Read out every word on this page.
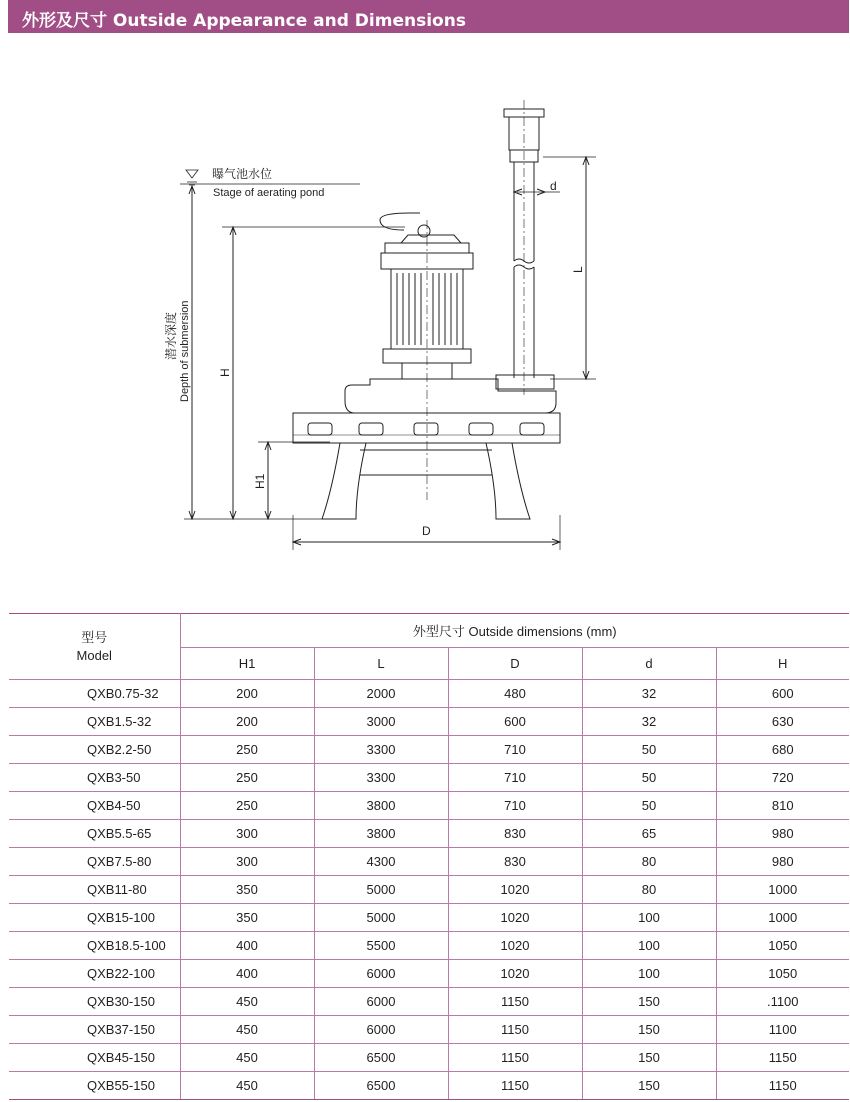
外形及尺寸 Outside Appearance and Dimensions
曝气池水位
Stage of aerating pond
潜水深度 Depth of submersion H
H1
L
d
D
型号
Model	外型尺寸 Outside dimensions (mm)				
	H1	L	D	d	H
QXB0.75-32	200	2000	480	32	600
QXB1.5-32	200	3000	600	32	630
QXB2.2-50	250	3300	710	50	680
QXB3-50	250	3300	710	50	720
QXB4-50	250	3800	710	50	810
QXB5.5-65	300	3800	830	65	980
QXB7.5-80	300	4300	830	80	980
QXB11-80	350	5000	1020	80	1000
QXB15-100	350	5000	1020	100	1000
QXB18.5-100	400	5500	1020	100	1050
QXB22-100	400	6000	1020	100	1050
QXB30-150	450	6000	1150	150	.1100
QXB37-150	450	6000	1150	150	1100
QXB45-150	450	6500	1150	150	1150
QXB55-150	450	6500	1150	150	1150
